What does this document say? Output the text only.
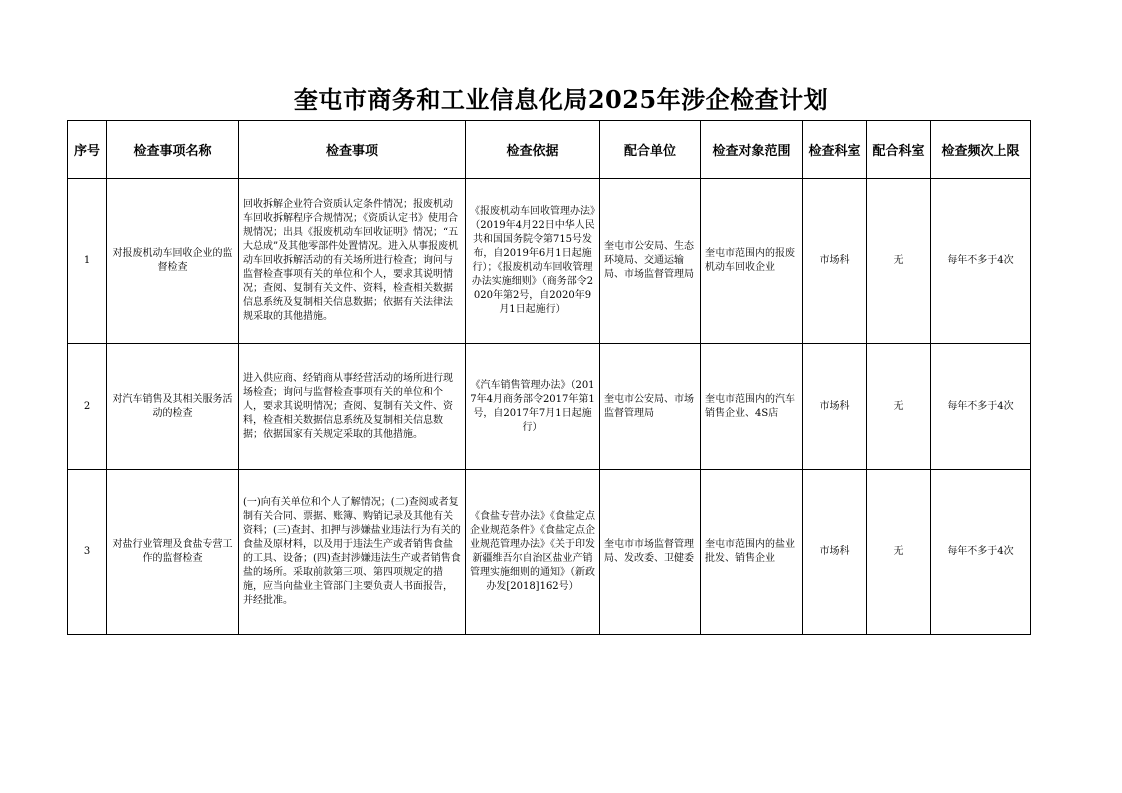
奎屯市商务和工业信息化局2025年涉企检查计划
序号	检查事项名称	检查事项	检查依据	配合单位	检查对象范围	检查科室	配合科室	检查频次上限
1	对报废机动车回收企业的监督检查	回收拆解企业符合资质认定条件情况；报废机动车回收拆解程序合规情况；《资质认定书》使用合规情况；出具《报废机动车回收证明》情况；“五大总成”及其他零部件处置情况。进入从事报废机动车回收拆解活动的有关场所进行检查；询问与监督检查事项有关的单位和个人，要求其说明情况；查阅、复制有关文件、资料，检查相关数据信息系统及复制相关信息数据；依据有关法律法规采取的其他措施。	《报废机动车回收管理办法》（2019年4月22日中华人民共和国国务院令第715号发布，自2019年6月1日起施行）；《报废机动车回收管理办法实施细则》（商务部令2020年第2号，自2020年9月1日起施行）	奎屯市公安局、生态环境局、交通运输局、市场监督管理局	奎屯市范围内的报废机动车回收企业	市场科	无	每年不多于4次
2	对汽车销售及其相关服务活动的检查	进入供应商、经销商从事经营活动的场所进行现场检查；询问与监督检查事项有关的单位和个人，要求其说明情况；查阅、复制有关文件、资料，检查相关数据信息系统及复制相关信息数据；依据国家有关规定采取的其他措施。	《汽车销售管理办法》（2017年4月商务部令2017年第1号，自2017年7月1日起施行）	奎屯市公安局、市场监督管理局	奎屯市范围内的汽车销售企业、4S店	市场科	无	每年不多于4次
3	对盐行业管理及食盐专营工作的监督检查	(一)向有关单位和个人了解情况；(二)查阅或者复制有关合同、票据、账簿、购销记录及其他有关资料；(三)查封、扣押与涉嫌盐业违法行为有关的食盐及原材料，以及用于违法生产或者销售食盐的工具、设备；(四)查封涉嫌违法生产或者销售食盐的场所。采取前款第三项、第四项规定的措施，应当向盐业主管部门主要负责人书面报告，并经批准。	《食盐专营办法》《食盐定点企业规范条件》《食盐定点企业规范管理办法》《关于印发新疆维吾尔自治区盐业产销管理实施细则的通知》（新政办发[2018]162号）	奎屯市市场监督管理局、发改委、卫健委	奎屯市范围内的盐业批发、销售企业	市场科	无	每年不多于4次
